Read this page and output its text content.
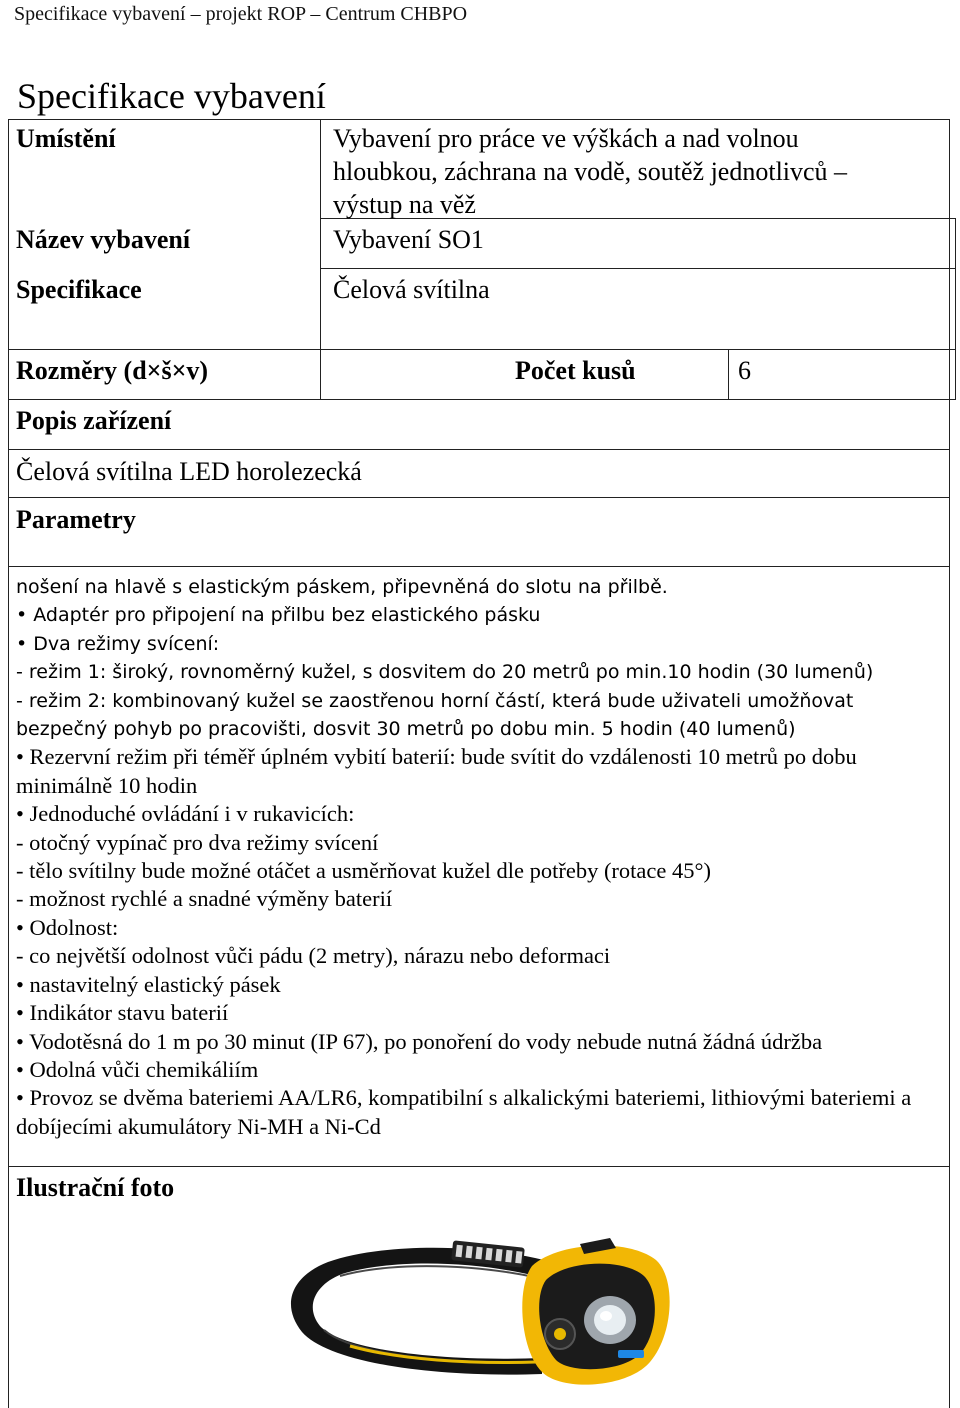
Specifikace vybavení – projekt ROP – Centrum CHBPO
Specifikace vybavení
Umístění	Vybavení pro práce ve výškách a nad volnou
hloubkou, záchrana na vodě, soutěž jednotlivců –
výstup na věž
Název vybavení	Vybavení SO1
Specifikace	Čelová svítilna
Rozměry (d×š×v)	Počet kusů	6
Popis zařízení
Čelová svítilna LED horolezecká
Parametry
nošení na hlavě s elastickým páskem, připevněná do slotu na přilbě.
• Adaptér pro připojení na přilbu bez elastického pásku
• Dva režimy svícení:
- režim 1: široký, rovnoměrný kužel, s dosvitem do 20 metrů po min.10 hodin (30 lumenů)
- režim 2: kombinovaný kužel se zaostřenou horní částí, která bude uživateli umožňovat bezpečný pohyb po pracovišti, dosvit 30 metrů po dobu min. 5 hodin (40 lumenů)
• Rezervní režim při téměř úplném vybití baterií: bude svítit do vzdálenosti 10 metrů po dobu minimálně 10 hodin
• Jednoduché ovládání i v rukavicích:
- otočný vypínač pro dva režimy svícení
- tělo svítilny bude možné otáčet a usměrňovat kužel dle potřeby (rotace 45°)
- možnost rychlé a snadné výměny baterií
• Odolnost:
- co největší odolnost vůči pádu (2 metry), nárazu nebo deformaci
• nastavitelný elastický pásek
• Indikátor stavu baterií
• Vodotěsná do 1 m po 30 minut (IP 67), po ponoření do vody nebude nutná žádná údržba
• Odolná vůči chemikáliím
• Provoz se dvěma bateriemi AA/LR6, kompatibilní s alkalickými bateriemi, lithiovými bateriemi a dobíjecími akumulátory Ni-MH a Ni-Cd
Ilustrační foto
